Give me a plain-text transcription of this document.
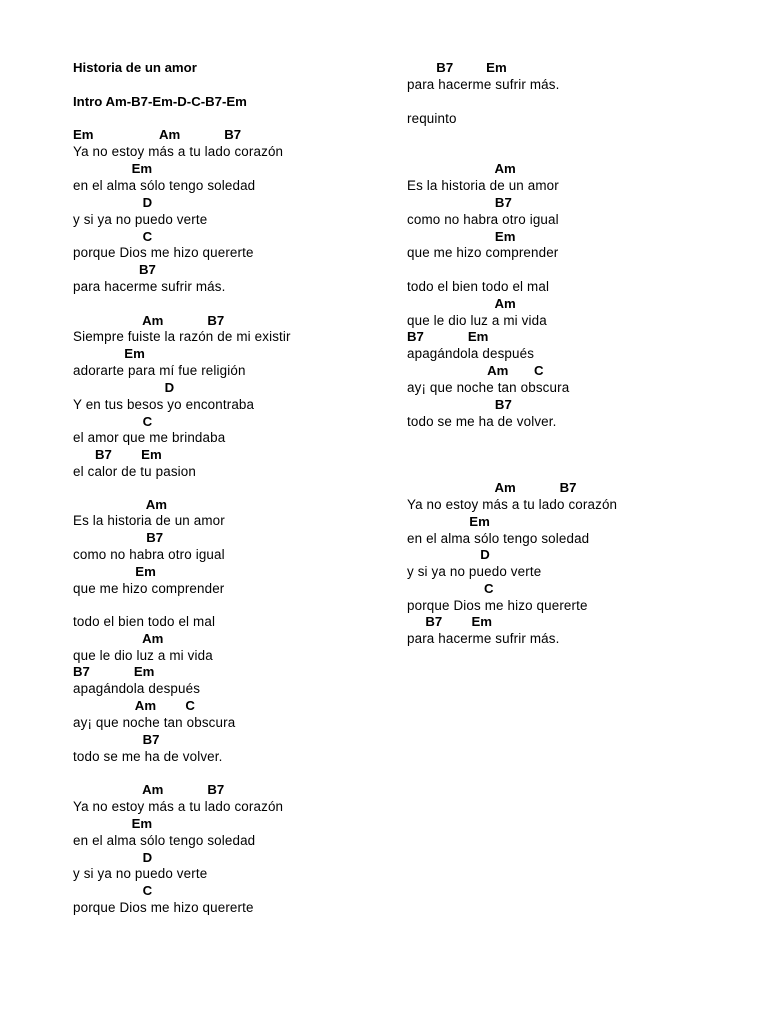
Historia de un amor
Intro Am-B7-Em-D-C-B7-Em
Em                  Am            B7
Ya no estoy más a tu lado corazón
Em
en el alma sólo tengo soledad
D
y si ya no puedo verte
C
porque Dios me hizo quererte
B7
para hacerme sufrir más.
Am            B7
Siempre fuiste la razón de mi existir
Em
adorarte para mí fue religión
D
Y en tus besos yo encontraba
C
el amor que me brindaba
B7        Em
el calor de tu pasion
Am
Es la historia de un amor
B7
como no habra otro igual
Em
que me hizo comprender
todo el bien todo el mal
Am
que le dio luz a mi vida
B7            Em
apagándola después
Am        C
ay¡ que noche tan obscura
B7
todo se me ha de volver.
Am            B7
Ya no estoy más a tu lado corazón
Em
en el alma sólo tengo soledad
D
y si ya no puedo verte
C
porque Dios me hizo quererte
B7         Em
para hacerme sufrir más.
requinto
Am
Es la historia de un amor
B7
como no habra otro igual
Em
que me hizo comprender
todo el bien todo el mal
Am
que le dio luz a mi vida
B7            Em
apagándola después
Am       C
ay¡ que noche tan obscura
B7
todo se me ha de volver.
Am            B7
Ya no estoy más a tu lado corazón
Em
en el alma sólo tengo soledad
D
y si ya no puedo verte
C
porque Dios me hizo quererte
B7        Em
para hacerme sufrir más.
